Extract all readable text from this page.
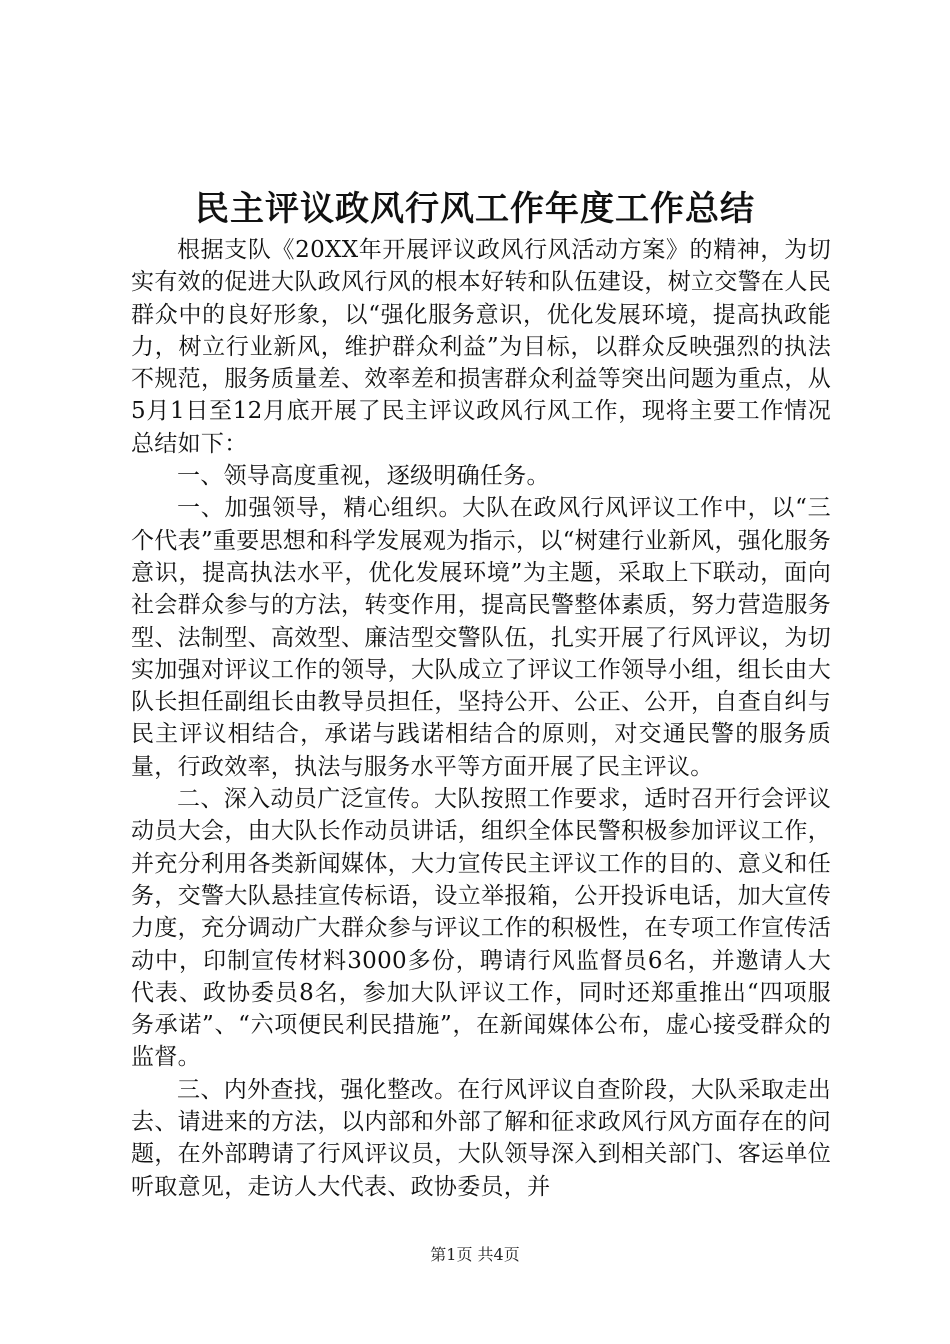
民主评议政风行风工作年度工作总结

根据支队《20XX年开展评议政风行风活动方案》的精神，为切实有效的促进大队政风行风的根本好转和队伍建设，树立交警在人民群众中的良好形象，以“强化服务意识，优化发展环境，提高执政能力，树立行业新风，维护群众利益”为目标，以群众反映强烈的执法不规范，服务质量差、效率差和损害群众利益等突出问题为重点，从5月1日至12月底开展了民主评议政风行风工作，现将主要工作情况总结如下：

一、领导高度重视，逐级明确任务。

一、加强领导，精心组织。大队在政风行风评议工作中，以“三个代表”重要思想和科学发展观为指示，以“树建行业新风，强化服务意识，提高执法水平，优化发展环境”为主题，采取上下联动，面向社会群众参与的方法，转变作用，提高民警整体素质，努力营造服务型、法制型、高效型、廉洁型交警队伍，扎实开展了行风评议，为切实加强对评议工作的领导，大队成立了评议工作领导小组，组长由大队长担任副组长由教导员担任，坚持公开、公正、公开，自查自纠与民主评议相结合，承诺与践诺相结合的原则，对交通民警的服务质量，行政效率，执法与服务水平等方面开展了民主评议。

二、深入动员广泛宣传。大队按照工作要求，适时召开行会评议动员大会，由大队长作动员讲话，组织全体民警积极参加评议工作，并充分利用各类新闻媒体，大力宣传民主评议工作的目的、意义和任务，交警大队悬挂宣传标语，设立举报箱，公开投诉电话，加大宣传力度，充分调动广大群众参与评议工作的积极性，在专项工作宣传活动中，印制宣传材料3000多份，聘请行风监督员6名，并邀请人大代表、政协委员8名，参加大队评议工作，同时还郑重推出“四项服务承诺”、“六项便民利民措施”，在新闻媒体公布，虚心接受群众的监督。

三、内外查找，强化整改。在行风评议自查阶段，大队采取走出去、请进来的方法，以内部和外部了解和征求政风行风方面存在的问题，在外部聘请了行风评议员，大队领导深入到相关部门、客运单位听取意见，走访人大代表、政协委员，并

第1页 共4页
